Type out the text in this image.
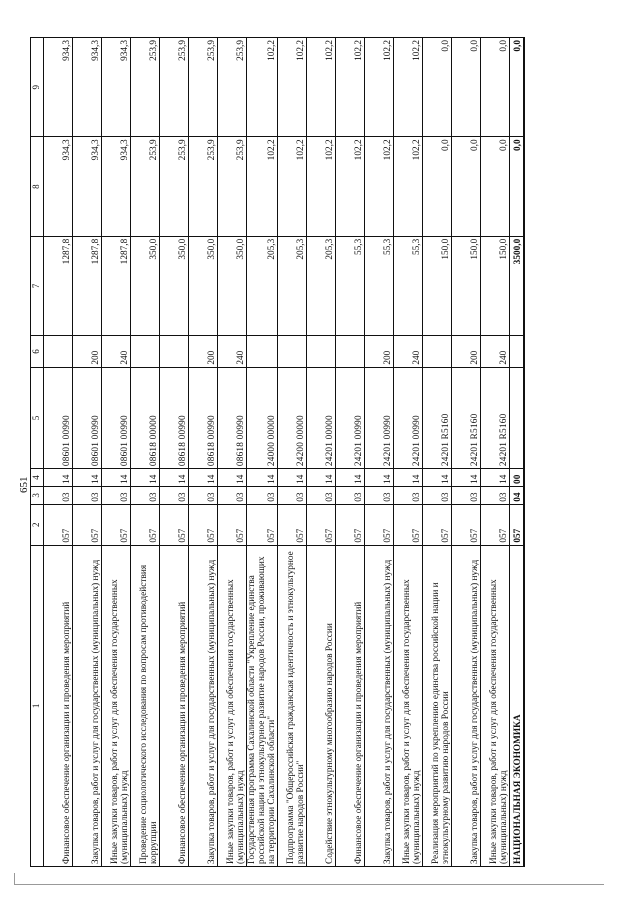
651
1	2	3	4	5	6	7	8	9
Финансовое обеспечение организации и проведения мероприятий	057	03	14	08601 00990		1287,8	934,3	934,3
Закупка товаров, работ и услуг для государственных (муниципальных) нужд	057	03	14	08601 00990	200	1287,8	934,3	934,3
Иные закупки товаров, работ и услуг для обеспечения государственных (муниципальных) нужд	057	03	14	08601 00990	240	1287,8	934,3	934,3
Проведение социологического исследования по вопросам противодействия коррупции	057	03	14	08618 00000		350,0	253,9	253,9
Финансовое обеспечение организации и проведения мероприятий	057	03	14	08618 00990		350,0	253,9	253,9
Закупка товаров, работ и услуг для государственных (муниципальных) нужд	057	03	14	08618 00990	200	350,0	253,9	253,9
Иные закупки товаров, работ и услуг для обеспечения государственных (муниципальных) нужд	057	03	14	08618 00990	240	350,0	253,9	253,9
Государственная программа Сахалинской области "Укрепление единства российской нации и этнокультурное развитие народов России, проживающих на территории Сахалинской области"	057	03	14	24000 00000		205,3	102,2	102,2
Подпрограмма "Общероссийская гражданская идентичность и этнокультурное развитие народов России"	057	03	14	24200 00000		205,3	102,2	102,2
Содействие этнокультурному многообразию народов России	057	03	14	24201 00000		205,3	102,2	102,2
Финансовое обеспечение организации и проведения мероприятий	057	03	14	24201 00990		55,3	102,2	102,2
Закупка товаров, работ и услуг для государственных (муниципальных) нужд	057	03	14	24201 00990	200	55,3	102,2	102,2
Иные закупки товаров, работ и услуг для обеспечения государственных (муниципальных) нужд	057	03	14	24201 00990	240	55,3	102,2	102,2
Реализация мероприятий по укреплению единства российской нации и этнокультурному развитию народов России	057	03	14	24201 R5160		150,0	0,0	0,0
Закупка товаров, работ и услуг для государственных (муниципальных) нужд	057	03	14	24201 R5160	200	150,0	0,0	0,0
Иные закупки товаров, работ и услуг для обеспечения государственных (муниципальных) нужд	057	03	14	24201 R5160	240	150,0	0,0	0,0
НАЦИОНАЛЬНАЯ ЭКОНОМИКА	057	04	00			3500,0	0,0	0,0
